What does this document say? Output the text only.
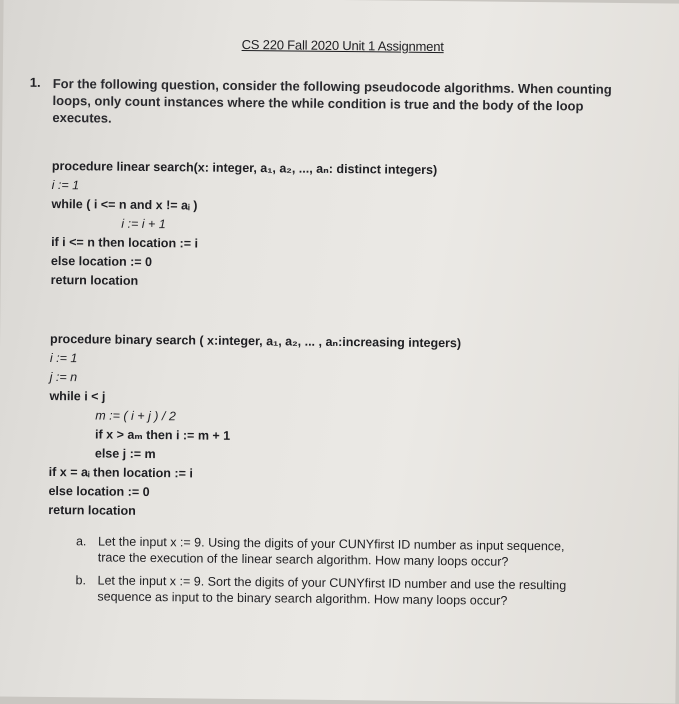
CS 220 Fall 2020 Unit 1 Assignment
1. For the following question, consider the following pseudocode algorithms. When counting loops, only count instances where the while condition is true and the body of the loop executes.
procedure linear search(x: integer, a₁, a₂, ..., aₙ: distinct integers)
i := 1
while ( i <= n and x != aᵢ )
i := i + 1
if i <= n then location := i
else location := 0
return location
procedure binary search ( x:integer, a₁, a₂, ... , aₙ:increasing integers)
i := 1
j := n
while i < j
m := ( i + j ) / 2
if x > aₘ then i := m + 1
else j := m
if x = aᵢ then location := i
else location := 0
return location
a. Let the input x := 9. Using the digits of your CUNYfirst ID number as input sequence, trace the execution of the linear search algorithm. How many loops occur?
b. Let the input x := 9. Sort the digits of your CUNYfirst ID number and use the resulting sequence as input to the binary search algorithm. How many loops occur?
